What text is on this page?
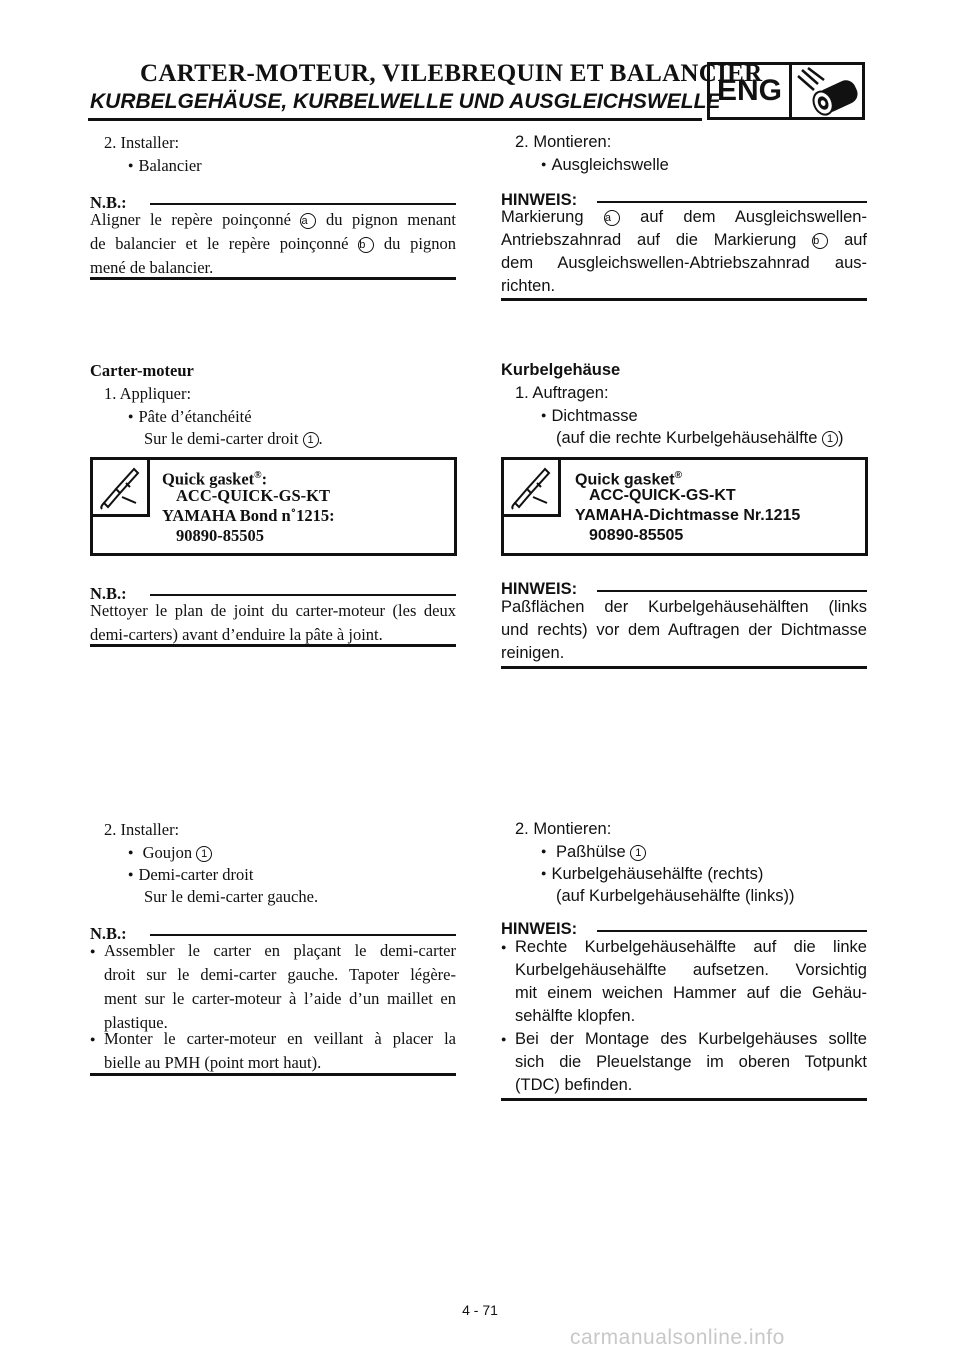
CARTER-MOTEUR, VILEBREQUIN ET BALANCIER
KURBELGEHÄUSE, KURBELWELLE UND AUSGLEICHSWELLE
ENG
2. Installer:
● Balancier
N.B.:
Aligner le repère poinçonné a du pignon menant
de balancier et le repère poinçonné b du pignon
mené de balancier.
Carter-moteur
1. Appliquer:
● Pâte d’étanchéité
Sur le demi-carter droit 1 .
Quick gasket®:
ACC-QUICK-GS-KT
YAMAHA Bond n˚1215:
90890-85505
N.B.:
Nettoyer le plan de joint du carter-moteur (les deux
demi-carters) avant d’enduire la pâte à joint.
2. Installer:
● Goujon 1
● Demi-carter droit
Sur le demi-carter gauche.
N.B.:
● Assembler le carter en plaçant le demi-carter
droit sur le demi-carter gauche. Tapoter légère-
ment sur le carter-moteur à l’aide d’un maillet en
plastique.
● Monter le carter-moteur en veillant à placer la
bielle au PMH (point mort haut).
2. Montieren:
● Ausgleichswelle
HINWEIS:
Markierung a auf dem Ausgleichswellen-
Antriebszahnrad auf die Markierung b auf
dem Ausgleichswellen-Abtriebszahnrad aus-
richten.
Kurbelgehäuse
1. Auftragen:
● Dichtmasse
(auf die rechte Kurbelgehäusehälfte 1 )
Quick gasket®
ACC-QUICK-GS-KT
YAMAHA-Dichtmasse Nr.1215
90890-85505
HINWEIS:
Paßflächen der Kurbelgehäusehälften (links
und rechts) vor dem Auftragen der Dichtmasse
reinigen.
2. Montieren:
● Paßhülse 1
● Kurbelgehäusehälfte (rechts)
(auf Kurbelgehäusehälfte (links))
HINWEIS:
● Rechte Kurbelgehäusehälfte auf die linke
Kurbelgehäusehälfte aufsetzen. Vorsichtig
mit einem weichen Hammer auf die Gehäu-
sehälfte klopfen.
● Bei der Montage des Kurbelgehäuses sollte
sich die Pleuelstange im oberen Totpunkt
(TDC) befinden.
4 - 71
carmanualsonline.info
